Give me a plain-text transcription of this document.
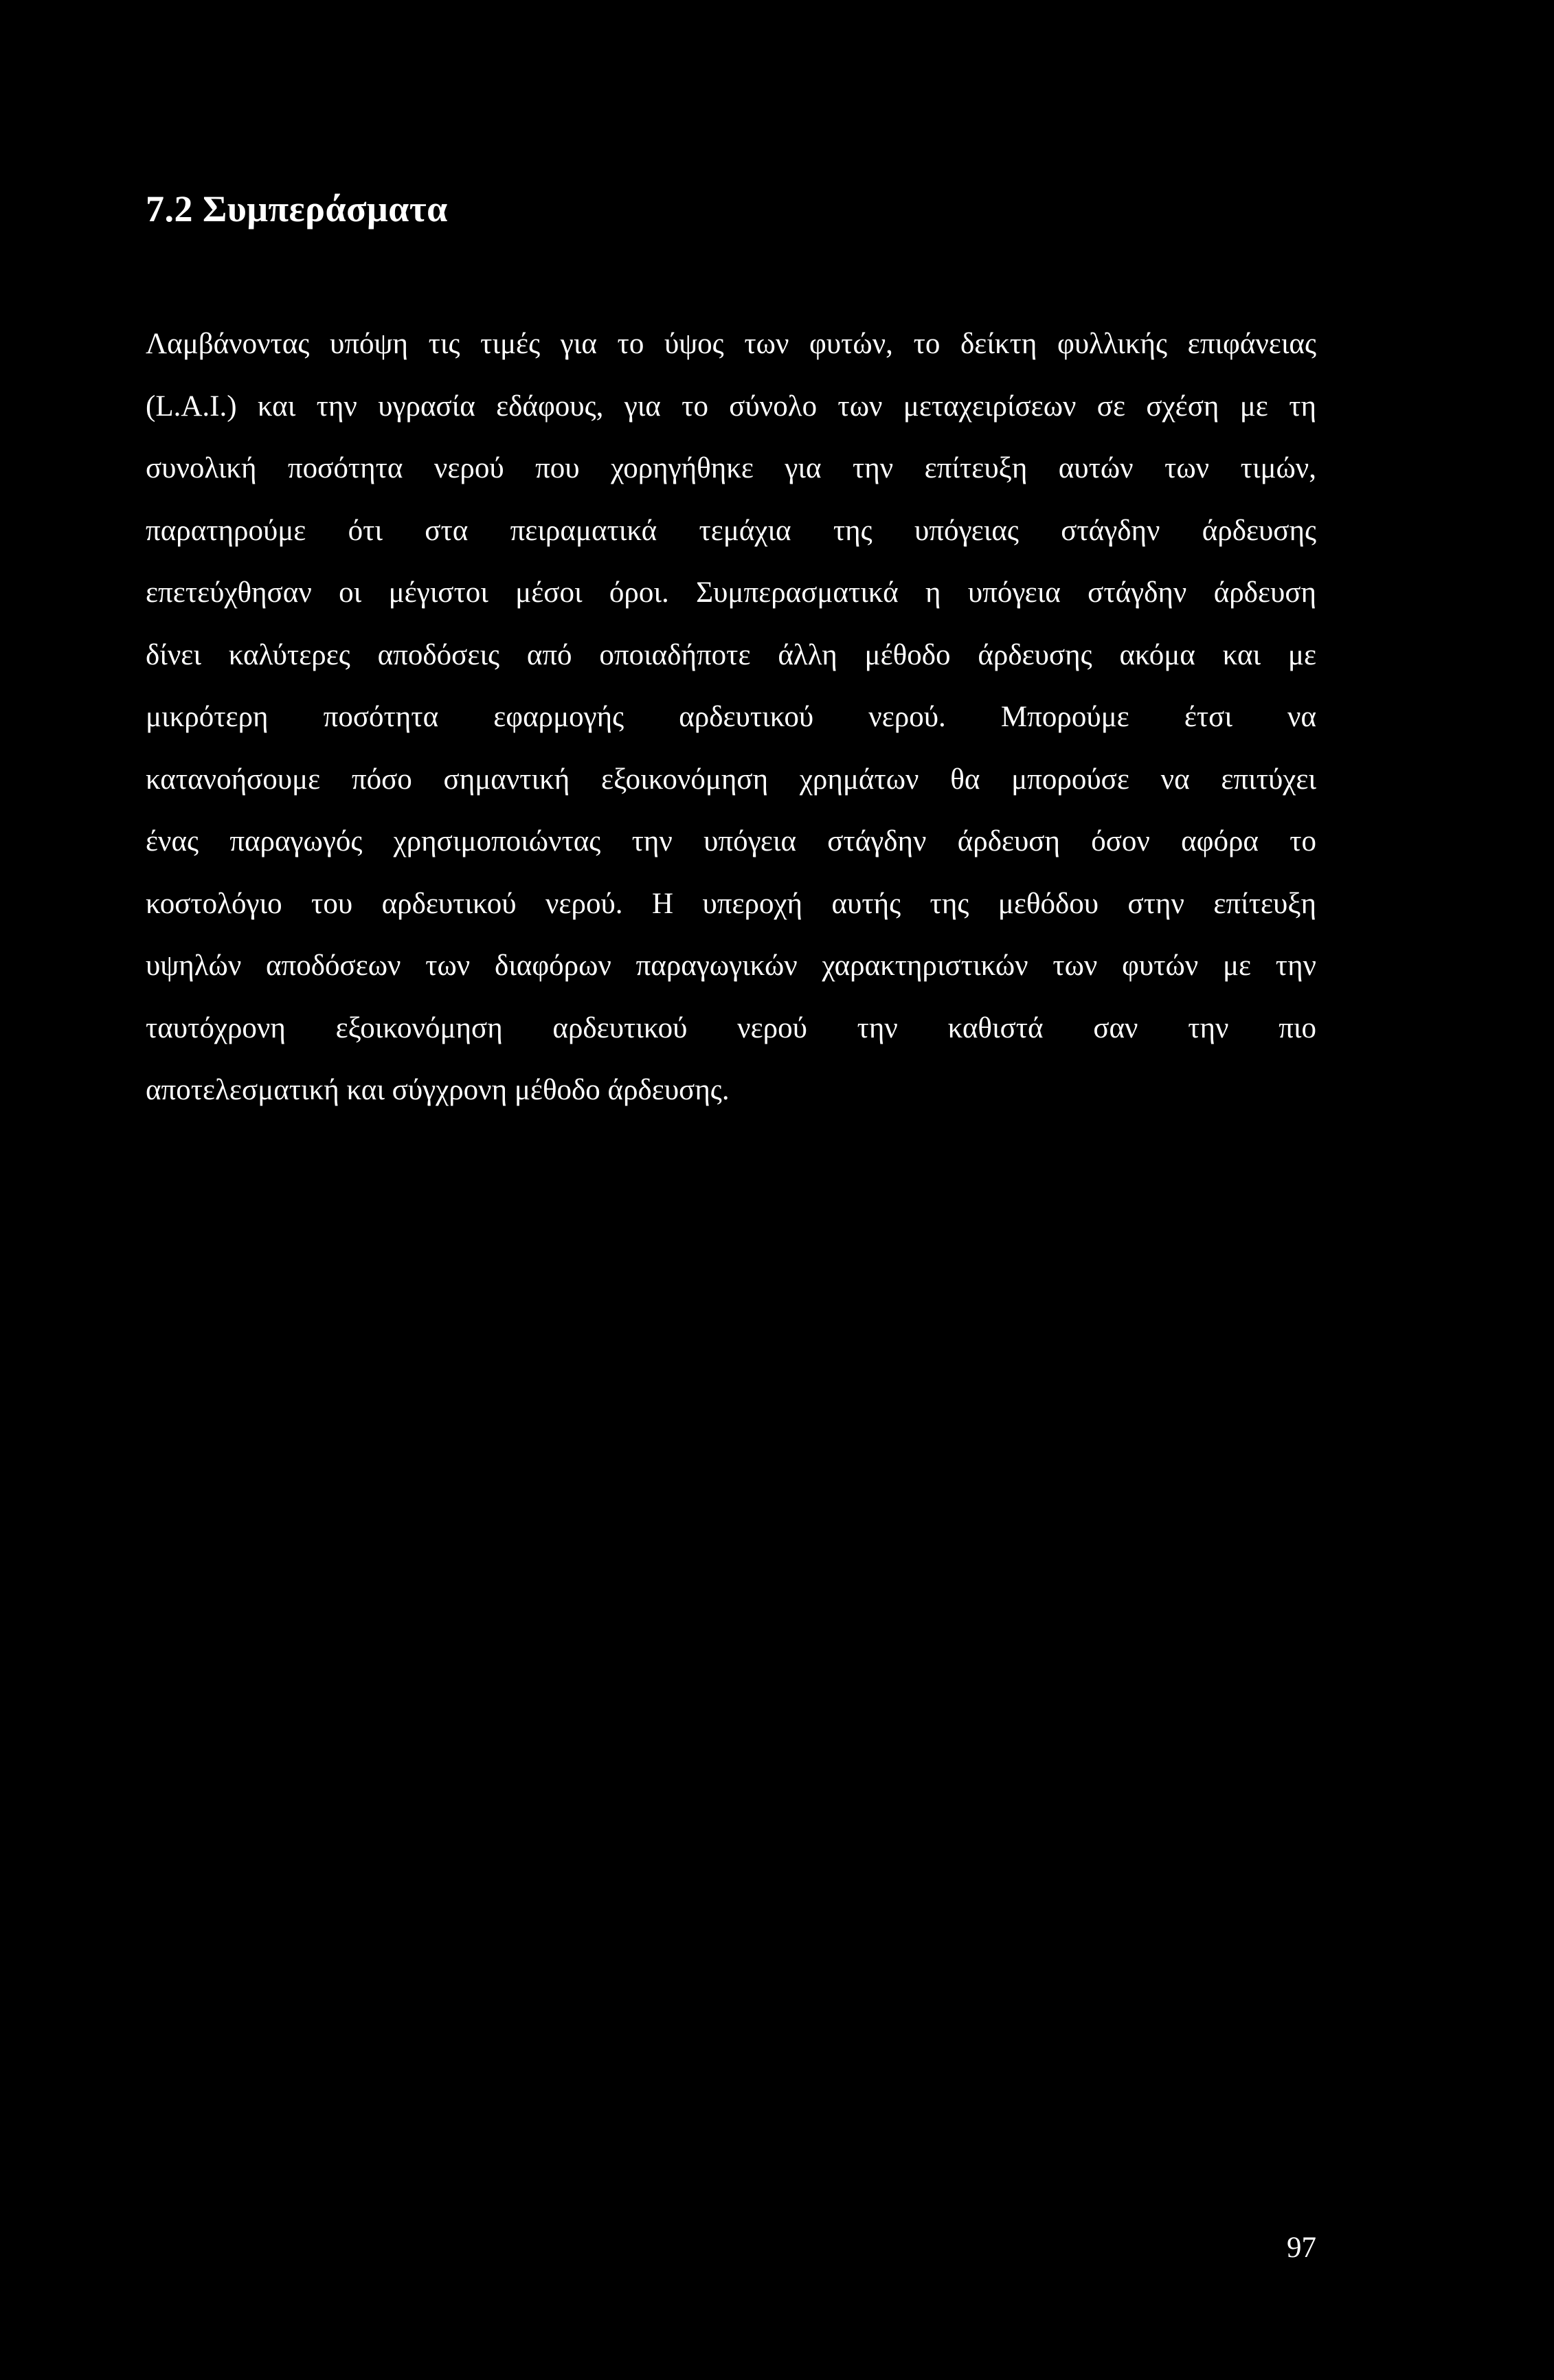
7.2 Συμπεράσματα
Λαμβάνοντας υπόψη τις τιμές για το ύψος των φυτών, το δείκτη φυλλικής επιφάνειας
(L.A.I.) και την υγρασία εδάφους, για το σύνολο των μεταχειρίσεων σε σχέση με τη
συνολική ποσότητα νερού που χορηγήθηκε για την επίτευξη αυτών των τιμών,
παρατηρούμε ότι στα πειραματικά τεμάχια της υπόγειας στάγδην άρδευσης
επετεύχθησαν οι μέγιστοι μέσοι όροι. Συμπερασματικά η υπόγεια στάγδην άρδευση
δίνει καλύτερες αποδόσεις από οποιαδήποτε άλλη μέθοδο άρδευσης ακόμα και με
μικρότερη ποσότητα εφαρμογής αρδευτικού νερού. Μπορούμε έτσι να
κατανοήσουμε πόσο σημαντική εξοικονόμηση χρημάτων θα μπορούσε να επιτύχει
ένας παραγωγός χρησιμοποιώντας την υπόγεια στάγδην άρδευση όσον αφόρα το
κοστολόγιο του αρδευτικού νερού. Η υπεροχή αυτής της μεθόδου στην επίτευξη
υψηλών αποδόσεων των διαφόρων παραγωγικών χαρακτηριστικών των φυτών με την
ταυτόχρονη εξοικονόμηση αρδευτικού νερού την καθιστά σαν την πιο
αποτελεσματική και σύγχρονη μέθοδο άρδευσης.
97
